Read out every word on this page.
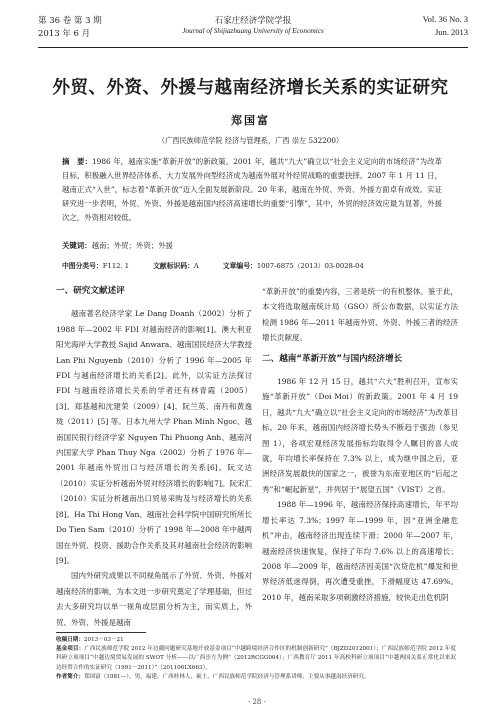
第 36 卷 第 3 期
2013 年 6 月
石家庄经济学院学报
Journal of Shijiazhuang University of Economics
Vol. 36 No. 3
Jun. 2013
外贸、外资、外援与越南经济增长关系的实证研究
郑国富
（广西民族师范学院 经济与管理系，广西 崇左 532200）
摘　要：1986 年，越南实施“革新开放”的新政策。2001 年，越共“九大”确立以“社会主义定向的市场经济”为改革目标，积极融入世界经济体系、大力发展外向型经济成为越南外展对外经贸战略的重要抉择。2007 年 1 月 11 日，越南正式“入世”，标志着“革新开放”迈入全面发展新阶段。20 年来，越南在外贸、外资、外援方面卓有成效。实证研究进一步表明，外贸、外资、外援是越南国内经济高速增长的重要“引擎”，其中，外贸的经济效应最为显著，外援次之，外资相对较低。
关键词：越南；外贸；外资；外援
中图分类号：F112. 1	文献标识码：A	文章编号：1007-6875（2013）03-0028-04

一、研究文献述评

越南著名经济学家 Le Dang Doanh（2002）分析了 1988 年—2002 年 FDI 对越南经济的影响[1]。澳大利亚阳光海岸大学教授 Sajid Anwara、越南国民经济大学教授 Lan Phi Nguyenb（2010）分析了 1996 年—2005 年 FDI 与越南经济增长的关系[2]。此外，以实证方法探讨 FDI 与越南经济增长关系的学者还有林青霞（2005）[3]、郑基越和沈建荣（2009）[4]、阮兰英、南丹和黄逸珑（2011）[5] 等。日本九州大学 Phan Minh Ngoc、越南国民银行经济学家 Nguyen Thi Phuong Anh、越南河内国家大学 Phan Thuy Nga（2002）分析了 1976 年—2001 年越南外贸出口与经济增长的关系[6]。阮文达（2010）实证分析越南外贸对经济增长的影响[7]。阮宋汇（2010）实证分析越南出口贸易采购及与经济增长的关系[8]。Ha Thi Hong Van、越南社会科学院中国研究所所长 Do Tien Sam（2010）分析了 1998 年—2008 年中越两国在外贸、投资、援助合作关系及其对越南社会经济的影响[9]。

国内外研究成果以不同视角展示了外贸、外资、外援对越南经济的影响，为本文进一步研究奠定了学理基础，但过去大多研究均以单一视角或层面分析为主，而实质上，外贸、外资、外援是越南

“革新开放”的重要内容，三者是统一的有机整体。鉴于此，本文将选取越南统计局（GSO）所公布数据，以实证方法检测 1986 年—2011 年越南外贸、外资、外援三者的经济增长贡献度。

二、越南“革新开放”与国内经济增长

1986 年 12 月 15 日，越共“六大”胜利召开，宣布实施“革新开放”（Doi Moi）的新政策。2001 年 4 月 19 日，越共“九大”确立以“社会主义定向的市场经济”为改革目标。20 年来，越南国内经济增长势头不断趋于强劲（参见图 1），各项宏观经济发展指标均取得令人瞩目的喜人成就，年均增长率保持在 7.3% 以上，成为继中国之后，亚洲经济发展最快的国家之一，被誉为东南亚地区的“后起之秀”和“崛起新星”，并列居于“展望五国”（VIST）之首。

1988 年—1996 年，越南经济保持高速增长，年平均增长率达 7.3%；1997 年—1999 年，因“亚洲金融危机”冲击，越南经济出现连续下滑；2000 年—2007 年，越南经济快速恢复，保持了年均 7.6% 以上的高速增长；2008 年—2009 年，越南经济因美国“次贷危机”爆发和世界经济低迷得倒，再次遭受重挫，下滑幅度达 47.69%。2010 年，越南采取多项刺激经济措施，较快走出危机阴

收稿日期：2013－03－21
基金项目：广西民族师范学院 2012 年边疆问题研究基地开放基金项目“中越跨境经济合作区的机制创新研究”（BJZD2012001）；广西民族师范学院 2012 年度科研立项项目“中越边境贸易发展的 SWOT 分析——以广西崇左为例”（2012RCGG004）；广西教育厅 2011 年高校科研立项项目“中越两国关系正常化以来双边经贸合作的实证研究（1991－2011）”（201106LX663）。
作者简介：郑国富（1981—），男，福建，广西桂林人，硕士，广西民族师范学院经济与管理系讲师，主要从事越南经济研究。
· 28 ·
